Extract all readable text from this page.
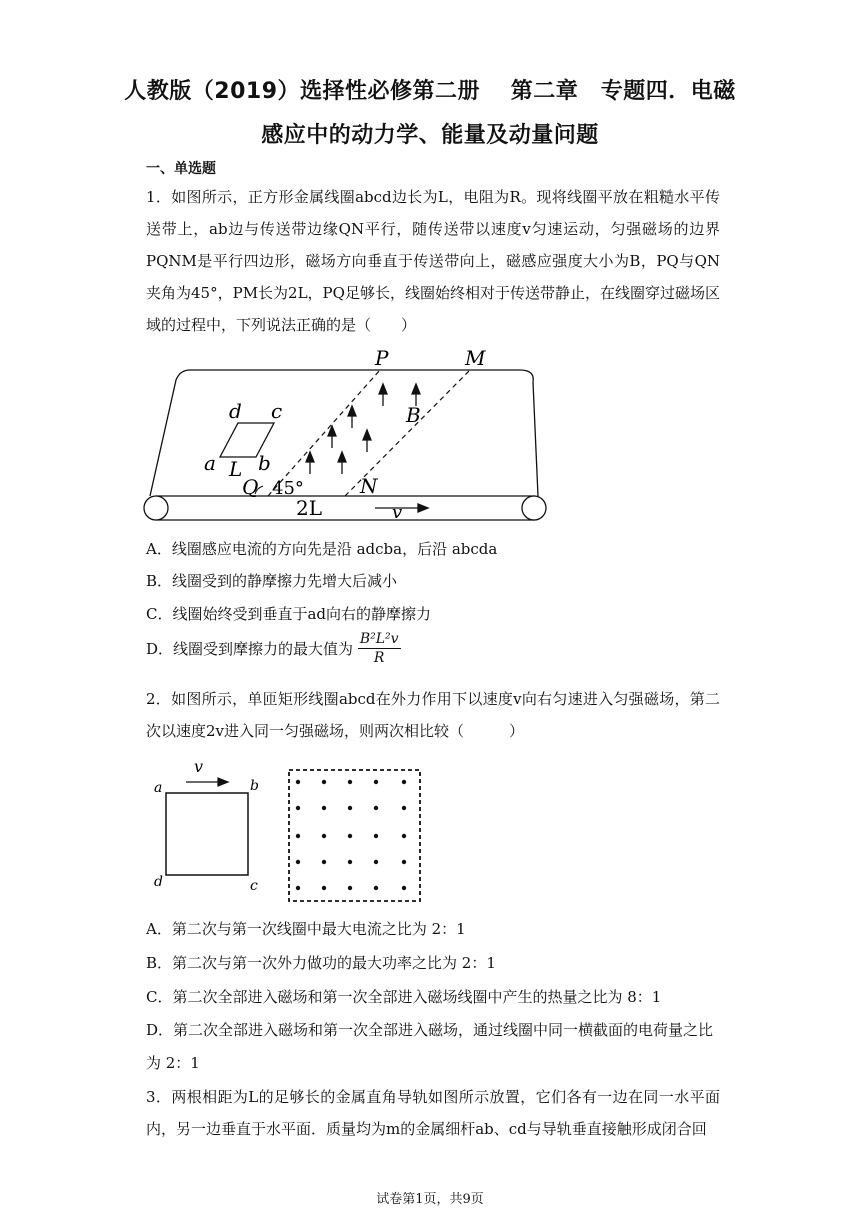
人教版（2019）选择性必修第二册　 第二章　专题四．电磁
感应中的动力学、能量及动量问题
一、单选题
1．如图所示，正方形金属线圈abcd边长为L，电阻为R。现将线圈平放在粗糙水平传送带上，ab边与传送带边缘QN平行，随传送带以速度v匀速运动，匀强磁场的边界PQNM是平行四边形，磁场方向垂直于传送带向上，磁感应强度大小为B，PQ与QN夹角为45°，PM长为2L，PQ足够长，线圈始终相对于传送带静止，在线圈穿过磁场区域的过程中，下列说法正确的是（　　）
P	M
B
d c
a L b
Q 45°	N
2L	v
A．线圈感应电流的方向先是沿 adcba，后沿 abcda
B．线圈受到的静摩擦力先增大后减小
C．线圈始终受到垂直于ad向右的静摩擦力
D．线圈受到摩擦力的最大值为 $\frac{\text{B²L²v}}{R}$
2．如图所示，单匝矩形线圈abcd在外力作用下以速度v向右匀速进入匀强磁场，第二次以速度2v进入同一匀强磁场，则两次相比较（　　　）
v
a	b
c
d
A．第二次与第一次线圈中最大电流之比为 2：1
B．第二次与第一次外力做功的最大功率之比为 2：1
C．第二次全部进入磁场和第一次全部进入磁场线圈中产生的热量之比为 8：1
D．第二次全部进入磁场和第一次全部进入磁场，通过线圈中同一横截面的电荷量之比
为 2：1
3．两根相距为L的足够长的金属直角导轨如图所示放置，它们各有一边在同一水平面内，另一边垂直于水平面．质量均为m的金属细杆ab、cd与导轨垂直接触形成闭合回
试卷第1页，共9页
